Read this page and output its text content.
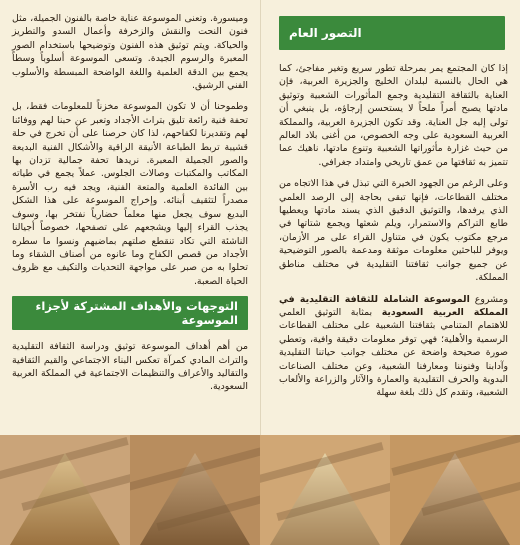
وميسورة. وتعنى الموسوعة عناية خاصة بالفنون الجميلة، مثل فنون النحت والنقش والزخرفة وأعمال السدو والتطريز والحياكة. ويتم توثيق هذه الفنون وتوضيحها باستخدام الصور المعبرة والرسوم الجيدة. وتسعى الموسوعة أسلوباً وسطاً يجمع بين الدقة العلمية واللغة الواضحة المبسطة والأسلوب الفني الرشيق.

وطموحنا أن لا تكون الموسوعة مخزناً للمعلومات فقط، بل تحفة فنية رائعة تليق بتراث الأجداد وتعبر عن حبنا لهم ووفائنا لهم وتقديرنا لكفاحهم، لذا كان حرصنا على أن تخرج في حلة قشيبة تربط الطباعة الأنيقة الراقية والأشكال الفنية البديعة والصور الجميلة المعبرة. نريدها تحفة جمالية تزدان بها المكاتب والمكتبات وصالات الجلوس. عملاً يجمع في طياته بين الفائدة العلمية والمتعة الفنية، ويجد فيه رب الأسرة مصدراً لتثقيف أبنائه. وإخراج الموسوعة على هذا الشكل البديع سوف يجعل منها معلماً حضارياً نفتخر بها، وسوف يجذب القراء إليها ويشجعهم على تصفحها، خصوصاً أجيالنا الناشئة التي تكاد تنقطع صلتهم بماضيهم ونسوا ما سطره الأجداد من قصص الكفاح وما عانوه من أصناف الشقاء وما تحلوا به من صبر على مواجهة التحديات والتكيف مع ظروف الحياة الصعبة.

التوجهات والأهداف المشتركة لأجزاء الموسوعة

من أهم أهداف الموسوعة توثيق ودراسة الثقافة التقليدية والتراث المادي كمرآة تعكس البناء الاجتماعي والقيم الثقافية والتقاليد والأعراف والتنظيمات الاجتماعية في المملكة العربية السعودية.

التصور العام

إذا كان المجتمع يمر بمرحلة تطور سريع وتغير مفاجئ، كما هي الحال بالنسبة لبلدان الخليج والجزيرة العربية، فإن العناية بالثقافة التقليدية وجمع المأثورات الشعبية وتوثيق مادتها يصبح أمراً ملحاً لا يستحسن إرجاؤه، بل ينبغي أن تولى إليه جل العناية. وقد تكون الجزيرة العربية، والمملكة العربية السعودية على وجه الخصوص، من أغنى بلاد العالم من حيث غزارة مأثوراتها الشعبية وتنوع مادتها، ناهيك عما تتميز به ثقافتها من عمق تاريخي وامتداد جغرافي.

وعلى الرغم من الجهود الخيرة التي تبذل في هذا الاتجاه من مختلف القطاعات، فإنها تبقى بحاجة إلى الرصد العلمي الذي يرفدها، والتوثيق الدقيق الذي يسند مادتها ويعطيها طابع التراكم والاستمرار، ويلم شعثها ويجمع شتاتها في مرجع مكتوب يكون في متناول القراء على مر الأزمان، ويوفر للباحثين معلومات موثقة ومدعمة بالصور التوضيحية عن جميع جوانب ثقافتنا التقليدية في مختلف مناطق المملكة.

ومشروع الموسوعة الشاملة للثقافة التقليدية في المملكة العربية السعودية بمثابة التوثيق العلمي للاهتمام المتنامي بثقافتنا الشعبية على مختلف القطاعات الرسمية والأهلية؛ فهي توفر معلومات دقيقة وافية، وتعطي صورة صحيحة واضحة عن مختلف جوانب حياتنا التقليدية وآدابنا وفنوننا ومعارفنا الشعبية، وعن مختلف الصناعات البدوية والحرف التقليدية والعمارة والآثار والزراعة والألعاب الشعبية، وتقدم كل ذلك بلغة سهلة
